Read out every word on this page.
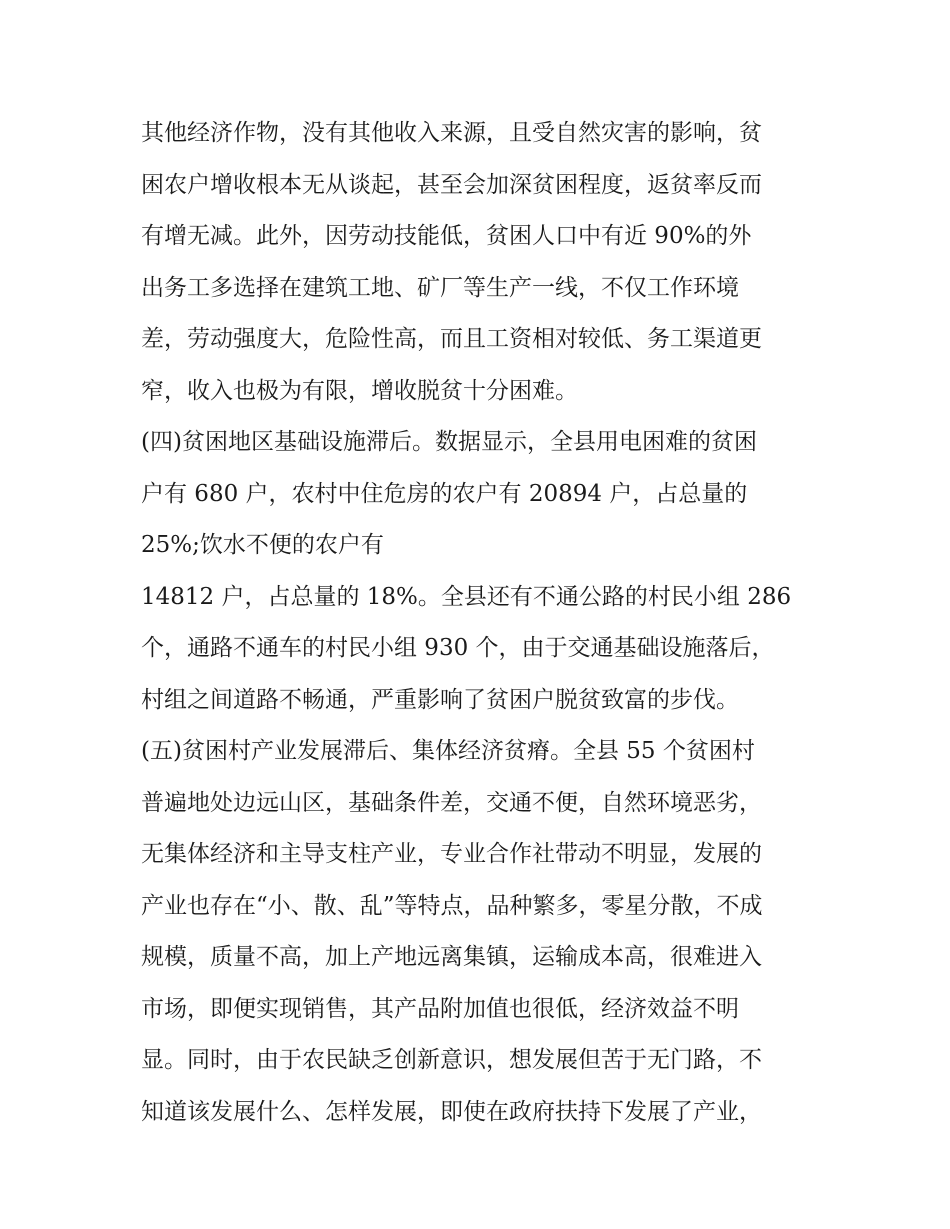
其他经济作物，没有其他收入来源，且受自然灾害的影响，贫
困农户增收根本无从谈起，甚至会加深贫困程度，返贫率反而
有增无减。此外，因劳动技能低，贫困人口中有近 90%的外
出务工多选择在建筑工地、矿厂等生产一线，不仅工作环境
差，劳动强度大，危险性高，而且工资相对较低、务工渠道更
窄，收入也极为有限，增收脱贫十分困难。
(四)贫困地区基础设施滞后。数据显示，全县用电困难的贫困
户有 680 户，农村中住危房的农户有 20894 户，占总量的
25%;饮水不便的农户有
14812 户，占总量的 18%。全县还有不通公路的村民小组 286
个，通路不通车的村民小组 930 个，由于交通基础设施落后，
村组之间道路不畅通，严重影响了贫困户脱贫致富的步伐。
(五)贫困村产业发展滞后、集体经济贫瘠。全县 55 个贫困村
普遍地处边远山区，基础条件差，交通不便，自然环境恶劣，
无集体经济和主导支柱产业，专业合作社带动不明显，发展的
产业也存在“小、散、乱”等特点，品种繁多，零星分散，不成
规模，质量不高，加上产地远离集镇，运输成本高，很难进入
市场，即便实现销售，其产品附加值也很低，经济效益不明
显。同时，由于农民缺乏创新意识，想发展但苦于无门路，不
知道该发展什么、怎样发展，即使在政府扶持下发展了产业，
